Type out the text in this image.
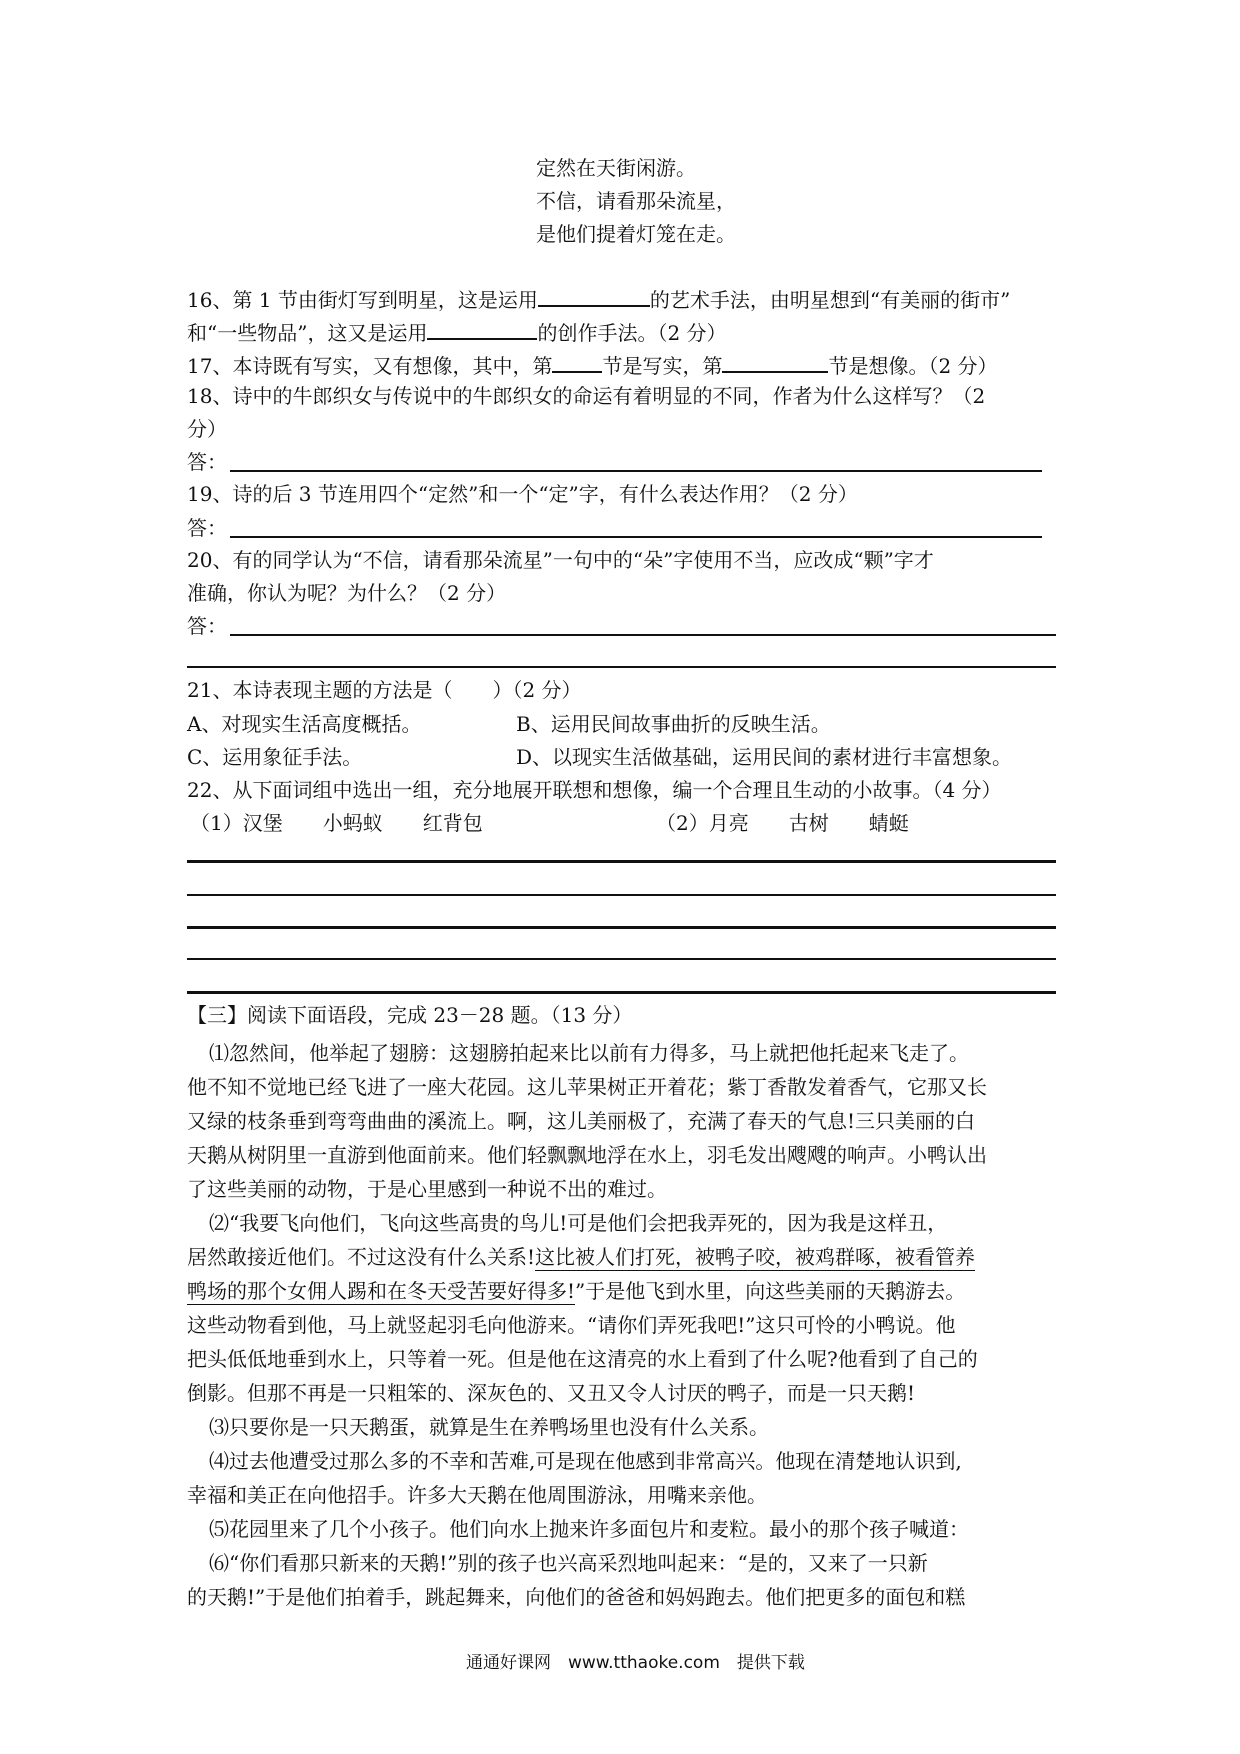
定然在天街闲游。
不信，请看那朵流星，
是他们提着灯笼在走。
16、第 1 节由街灯写到明星，这是运用	的艺术手法，由明星想到“有美丽的街市”
和“一些物品”，这又是运用	的创作手法。（2 分）
17、本诗既有写实，又有想像，其中，第	节是写实，第	节是想像。（2 分）
18、诗中的牛郎织女与传说中的牛郎织女的命运有着明显的不同，作者为什么这样写？（2
分）
答：
19、诗的后 3 节连用四个“定然”和一个“定”字，有什么表达作用？（2 分）
答：
20、有的同学认为“不信，请看那朵流星”一句中的“朵”字使用不当，应改成“颗”字才
准确，你认为呢？为什么？（2 分）
答：
21、本诗表现主题的方法是（　　）（2 分）
A、对现实生活高度概括。	B、运用民间故事曲折的反映生活。
C、运用象征手法。	D、以现实生活做基础，运用民间的素材进行丰富想象。
22、从下面词组中选出一组，充分地展开联想和想像，编一个合理且生动的小故事。（4 分）
（1）汉堡　　小蚂蚁　　红背包	（2）月亮　　古树　　蜻蜓
【三】阅读下面语段，完成 23－28 题。（13 分）
⑴忽然间，他举起了翅膀：这翅膀拍起来比以前有力得多，马上就把他托起来飞走了。
他不知不觉地已经飞进了一座大花园。这儿苹果树正开着花；紫丁香散发着香气，它那又长
又绿的枝条垂到弯弯曲曲的溪流上。啊，这儿美丽极了，充满了春天的气息!三只美丽的白
天鹅从树阴里一直游到他面前来。他们轻飘飘地浮在水上，羽毛发出飕飕的响声。小鸭认出
了这些美丽的动物，于是心里感到一种说不出的难过。
⑵“我要飞向他们，飞向这些高贵的鸟儿!可是他们会把我弄死的，因为我是这样丑，
居然敢接近他们。不过这没有什么关系!这比被人们打死，被鸭子咬，被鸡群啄，被看管养
鸭场的那个女佣人踢和在冬天受苦要好得多!”于是他飞到水里，向这些美丽的天鹅游去。
这些动物看到他，马上就竖起羽毛向他游来。“请你们弄死我吧!”这只可怜的小鸭说。他
把头低低地垂到水上，只等着一死。但是他在这清亮的水上看到了什么呢?他看到了自己的
倒影。但那不再是一只粗笨的、深灰色的、又丑又令人讨厌的鸭子，而是一只天鹅!
⑶只要你是一只天鹅蛋，就算是生在养鸭场里也没有什么关系。
⑷过去他遭受过那么多的不幸和苦难,可是现在他感到非常高兴。他现在清楚地认识到,
幸福和美正在向他招手。许多大天鹅在他周围游泳，用嘴来亲他。
⑸花园里来了几个小孩子。他们向水上抛来许多面包片和麦粒。最小的那个孩子喊道：
⑹“你们看那只新来的天鹅!”别的孩子也兴高采烈地叫起来：“是的，又来了一只新
的天鹅!”于是他们拍着手，跳起舞来，向他们的爸爸和妈妈跑去。他们把更多的面包和糕
通通好课网　www.tthaoke.com　提供下载
